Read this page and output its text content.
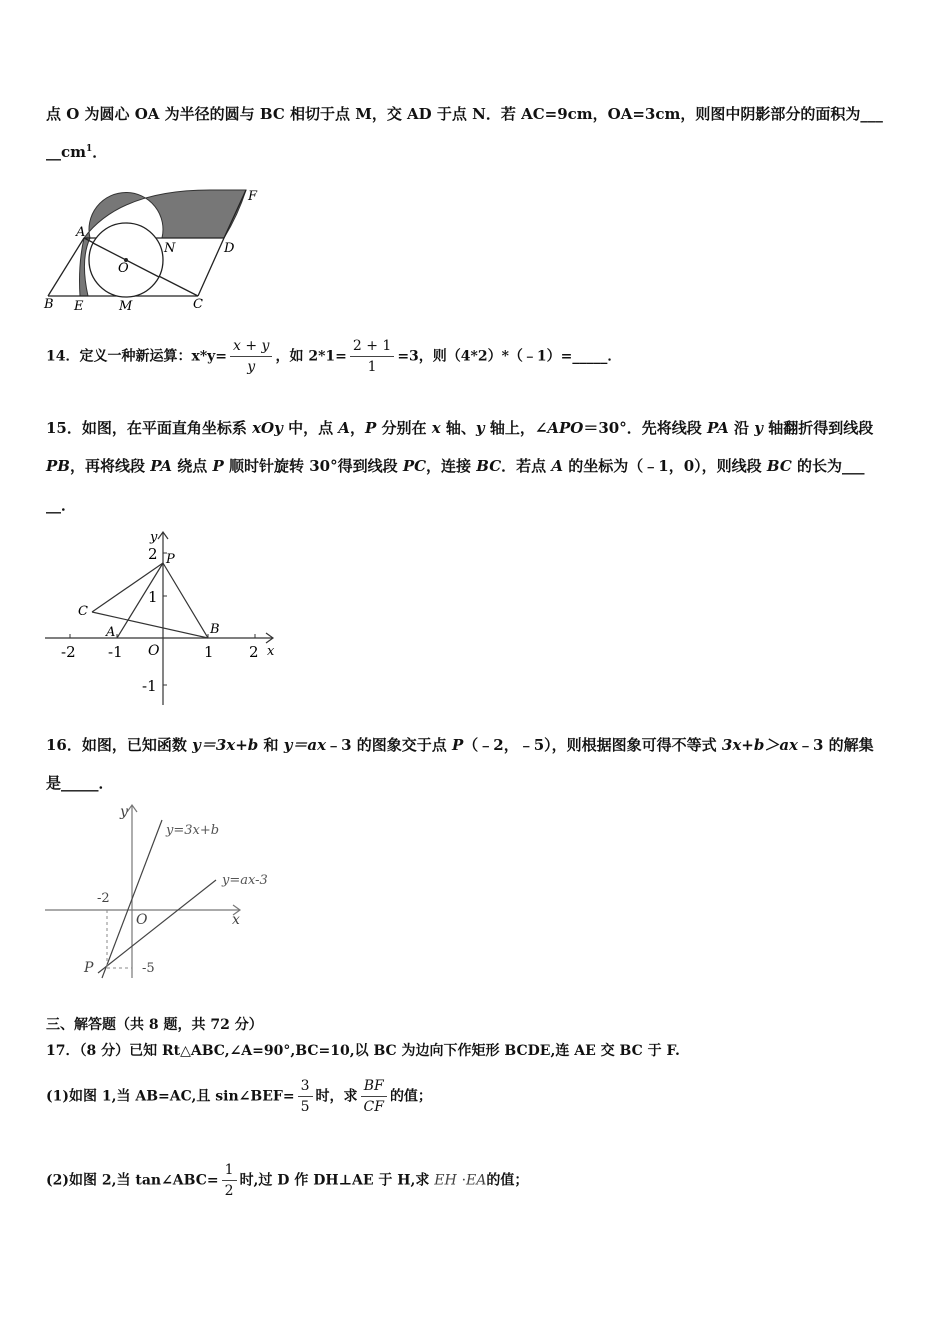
点 O 为圆心 OA 为半径的圆与 BC 相切于点 M，交 AD 于点 N．若 AC=9cm，OA=3cm，则图中阴影部分的面积为___
$\_\_cm^1$．
A
N	D
F
O
B E	M	C
14．定义一种新运算：$x*y= \frac{x + y}{y}$ ，如 $2*1= \frac{2 + 1}{1} =3$，则（4*2）*（﹣1）=_____．
15．如图，在平面直角坐标系 xOy 中，点 A，P 分别在 x 轴、y 轴上，∠APO＝30°．先将线段 PA 沿 y 轴翻折得到线段
PB，再将线段 PA 绕点 P 顺时针旋转 30°得到线段 PC，连接 BC．若点 A 的坐标为（﹣1，0），则线段 BC 的长为___
__．
y
x
P
C
A	B
O
2
1
-1
-2 -1	1 2
16．如图，已知函数 y＝3x+b 和 y＝ax﹣3 的图象交于点 P（﹣2，﹣5），则根据图象可得不等式 3x+b＞ax﹣3 的解集
是_____．
y
x
O
P
-2
-5
y=3x+b
y=ax-3
三、解答题（共 8 题，共 72 分）
17．（8 分）已知 Rt△ABC,∠A=90°,BC=10,以 BC 为边向下作矩形 BCDE,连 AE 交 BC 于 F.
(1)如图 1,当 AB=AC,且 sin∠BEF= $\frac{3}{5}$ 时，求 $\frac{BF}{CF}$ 的值；
(2)如图 2,当 tan∠ABC= $\frac{1}{2}$ 时,过 D 作 DH⊥AE 于 H,求 EH ·EA的值；
